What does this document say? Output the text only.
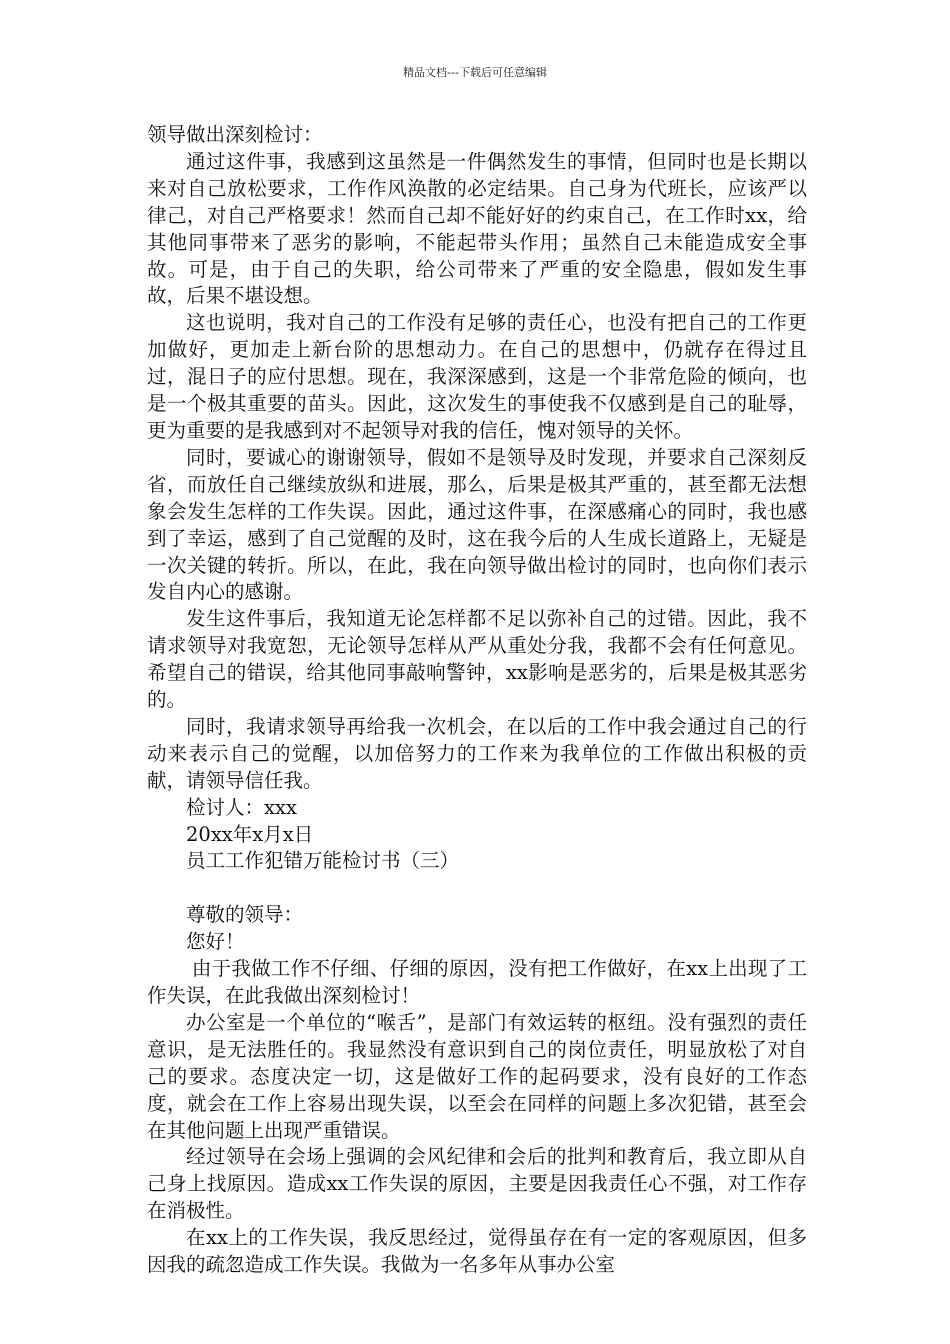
精品文档---下载后可任意编辑

领导做出深刻检讨：

通过这件事，我感到这虽然是一件偶然发生的事情，但同时也是长期以来对自己放松要求，工作作风涣散的必定结果。自己身为代班长，应该严以律己，对自己严格要求！然而自己却不能好好的约束自己，在工作时xx，给其他同事带来了恶劣的影响，不能起带头作用；虽然自己未能造成安全事故。可是，由于自己的失职，给公司带来了严重的安全隐患，假如发生事故，后果不堪设想。

这也说明，我对自己的工作没有足够的责任心，也没有把自己的工作更加做好，更加走上新台阶的思想动力。在自己的思想中，仍就存在得过且过，混日子的应付思想。现在，我深深感到，这是一个非常危险的倾向，也是一个极其重要的苗头。因此，这次发生的事使我不仅感到是自己的耻辱，更为重要的是我感到对不起领导对我的信任，愧对领导的关怀。

同时，要诚心的谢谢领导，假如不是领导及时发现，并要求自己深刻反省，而放任自己继续放纵和进展，那么，后果是极其严重的，甚至都无法想象会发生怎样的工作失误。因此，通过这件事，在深感痛心的同时，我也感到了幸运，感到了自己觉醒的及时，这在我今后的人生成长道路上，无疑是一次关键的转折。所以，在此，我在向领导做出检讨的同时，也向你们表示发自内心的感谢。

发生这件事后，我知道无论怎样都不足以弥补自己的过错。因此，我不请求领导对我宽恕，无论领导怎样从严从重处分我，我都不会有任何意见。希望自己的错误，给其他同事敲响警钟，xx影响是恶劣的，后果是极其恶劣的。

同时，我请求领导再给我一次机会，在以后的工作中我会通过自己的行动来表示自己的觉醒，以加倍努力的工作来为我单位的工作做出积极的贡献，请领导信任我。

检讨人：xxx

20xx年x月x日

员工工作犯错万能检讨书（三）

尊敬的领导：

您好！

由于我做工作不仔细、仔细的原因，没有把工作做好，在xx上出现了工作失误，在此我做出深刻检讨！

办公室是一个单位的“喉舌”，是部门有效运转的枢纽。没有强烈的责任意识，是无法胜任的。我显然没有意识到自己的岗位责任，明显放松了对自己的要求。态度决定一切，这是做好工作的起码要求，没有良好的工作态度，就会在工作上容易出现失误，以至会在同样的问题上多次犯错，甚至会在其他问题上出现严重错误。

经过领导在会场上强调的会风纪律和会后的批判和教育后，我立即从自己身上找原因。造成xx工作失误的原因，主要是因我责任心不强，对工作存在消极性。

在xx上的工作失误，我反思经过，觉得虽存在有一定的客观原因，但多因我的疏忽造成工作失误。我做为一名多年从事办公室
